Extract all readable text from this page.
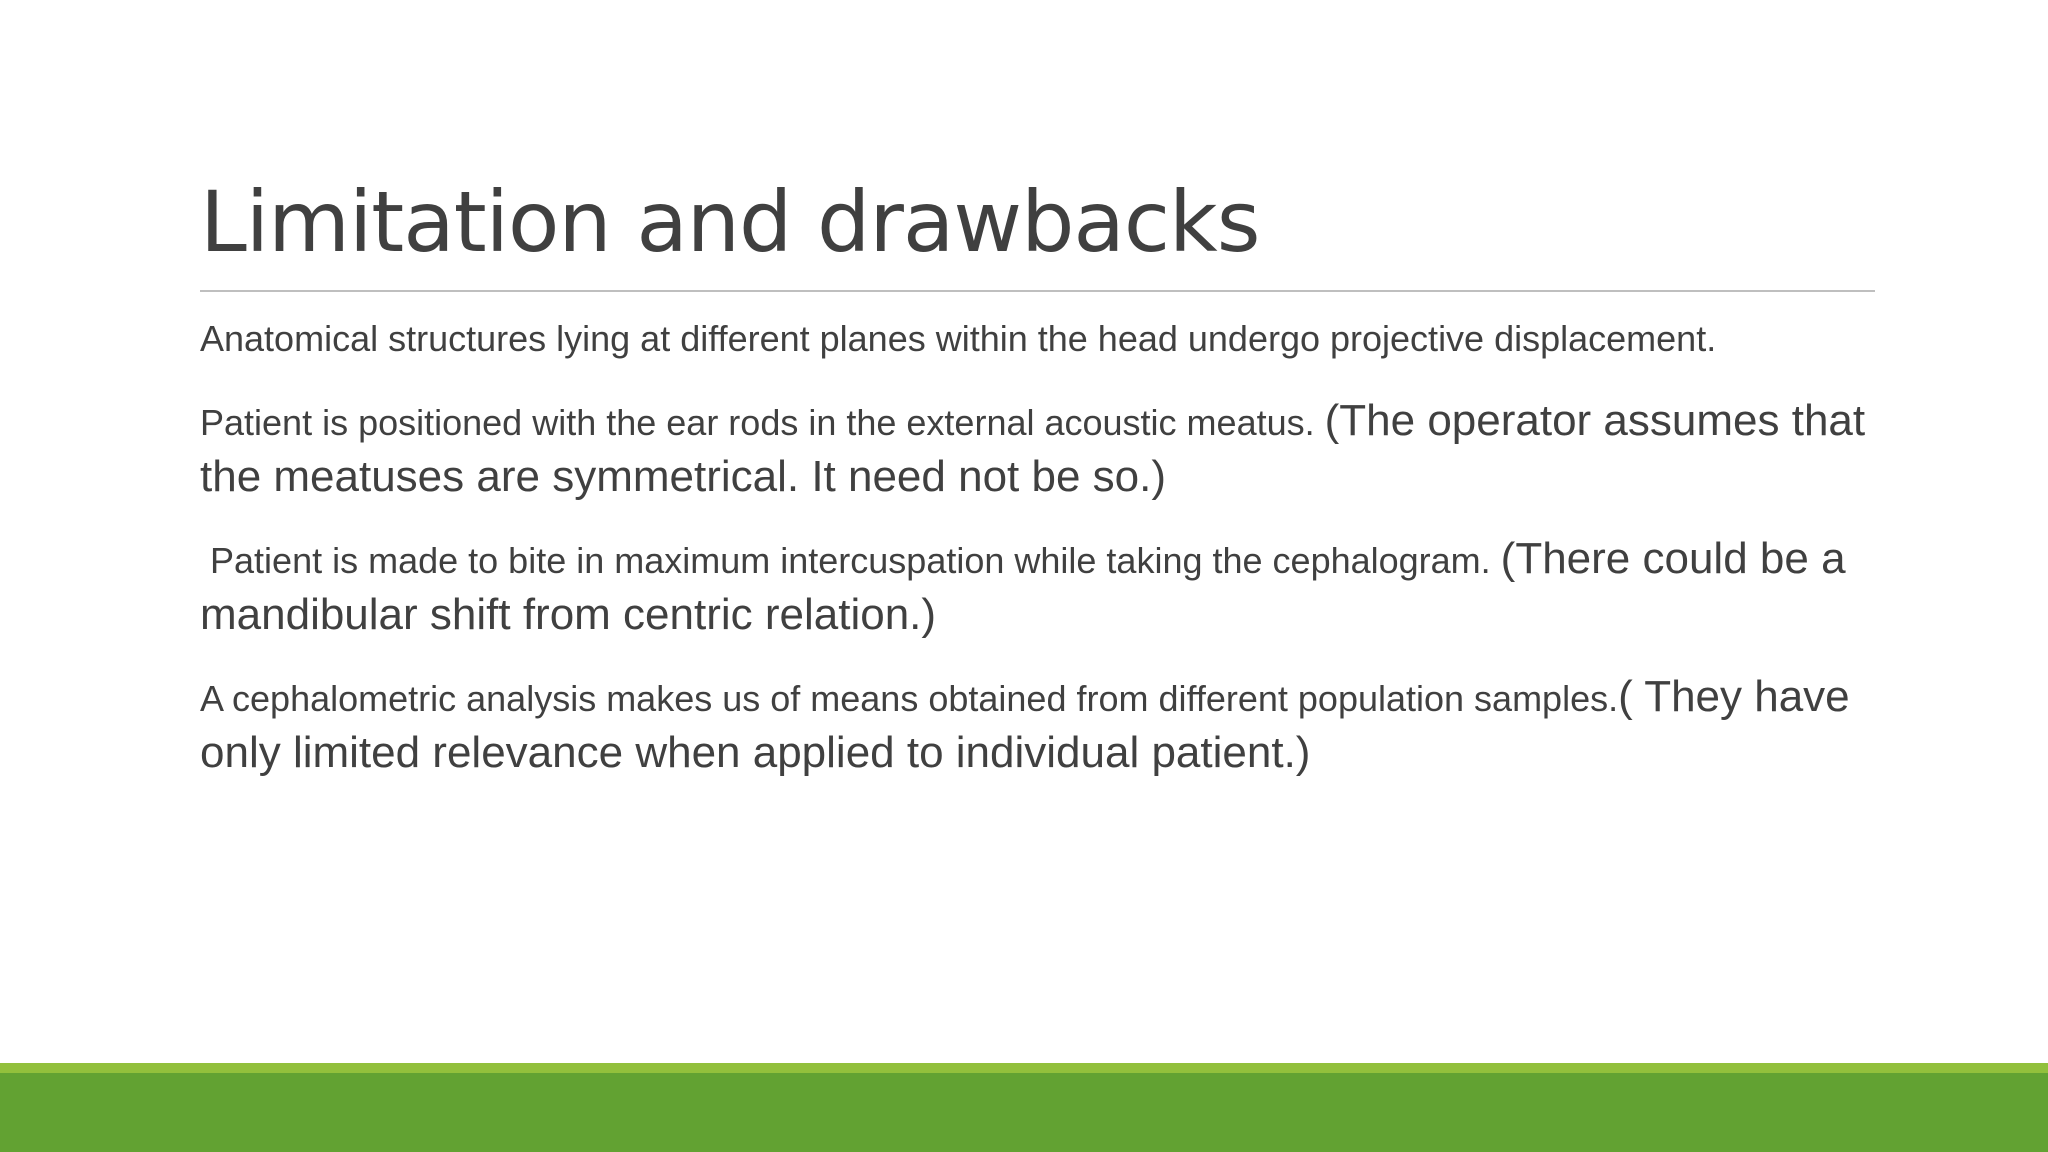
Limitation and drawbacks

Anatomical structures lying at different planes within the head undergo projective displacement.

Patient is positioned with the ear rods in the external acoustic meatus. (The operator assumes that the meatuses are symmetrical. It need not be so.)

Patient is made to bite in maximum intercuspation while taking the cephalogram. (There could be a mandibular shift from centric relation.)

A cephalometric analysis makes us of means obtained from different population samples.( They have only limited relevance when applied to individual patient.)
